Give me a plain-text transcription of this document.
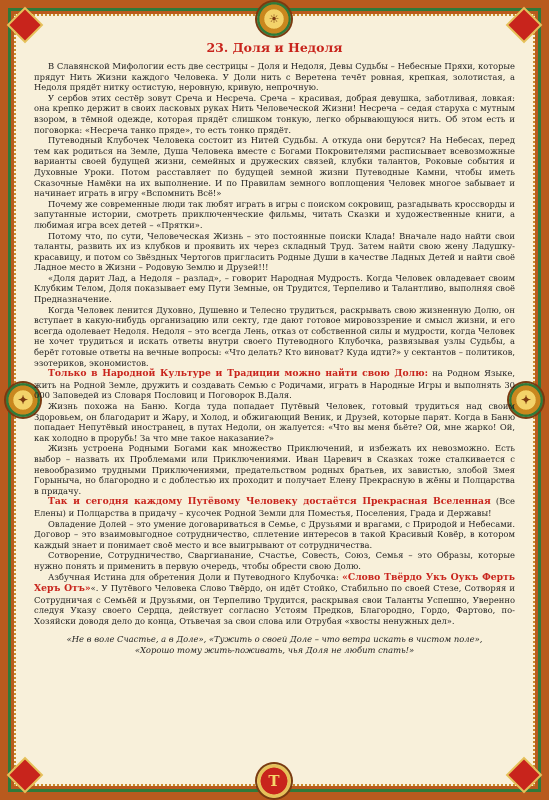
☀
✦	✦
Т
23. Доля и Недоля

В Славянской Мифологии есть две сестрицы – Доля и Недоля, Девы Судьбы – Небесные Пряхи, которые прядут Нить Жизни каждого Человека. У Доли нить с Веретена течёт ровная, крепкая, золотистая, а Недоля прядёт нитку остистую, неровную, кривую, непрочную.

У сербов этих сестёр зовут Среча и Несреча. Среча – красивая, добрая девушка, заботливая, ловкая: она крепко держит в своих ласковых руках Нить Человеческой Жизни! Несреча – седая старуха с мутным взором, в тёмной одежде, которая прядёт слишком тонкую, легко обрывающуюся нить. Об этом есть и поговорка: «Несреча танко пряде», то есть тонко прядёт.

Путеводный Клубочек Человека состоит из Нитей Судьбы. А откуда они берутся? На Небесах, перед тем как родиться на Земле, Душа Человека вместе с Богами Покровителями расписывает всевозможные варианты своей будущей жизни, семейных и дружеских связей, клубки талантов, Роковые события и Духовные Уроки. Потом расставляет по будущей земной жизни Путеводные Камни, чтобы иметь Сказочные Намёки на их выполнение. И по Правилам земного воплощения Человек многое забывает и начинает играть в игру «Вспомнить Всё!»

Почему же современные люди так любят играть в игры с поиском сокровищ, разгадывать кроссворды и запутанные истории, смотреть приключенческие фильмы, читать Сказки и художественные книги, а любимая игра всех детей – «Прятки».

Потому что, по сути, Человеческая Жизнь – это постоянные поиски Клада! Вначале надо найти свои таланты, развить их из клубков и проявить их через складный Труд. Затем найти свою жену Ладушку-красавицу, и потом со Звёздных Чертогов пригласить Родные Души в качестве Ладных Детей и найти своё Ладное место в Жизни – Родовую Землю и Друзей!!!

«Доля дарит Лад, а Недоля – разлад», – говорит Народная Мудрость. Когда Человек овладевает своим Клубким Телом, Доля показывает ему Пути Земные, он Трудится, Терпеливо и Талантливо, выполняя своё Предназначение.

Когда Человек ленится Духовно, Душевно и Телесно трудиться, раскрывать свою жизненную Долю, он вступает в какую-нибудь организацию или секту, где дают готовое мировоззрение и смысл жизни, и его всегда одолевает Недоля. Недоля – это всегда Лень, отказ от собственной силы и мудрости, когда Человек не хочет трудиться и искать ответы внутри своего Путеводного Клубочка, развязывая узлы Судьбы, а берёт готовые ответы на вечные вопросы: «Что делать? Кто виноват? Куда идти?» у сектантов – политиков, эзотериков, экономистов.

Только в Народной Культуре и Традиции можно найти свою Долю: на Родном Языке, жить на Родной Земле, дружить и создавать Семью с Родичами, играть в Народные Игры и выполнять 30 000 Заповедей из Словаря Пословиц и Поговорок В.Даля.

Жизнь похожа на Баню. Когда туда попадает Путёвый Человек, готовый трудиться над своим Здоровьем, он благодарит и Жару, и Холод, и обжигающий Веник, и Друзей, которые парят. Когда в Баню попадает Непутёвый иностранец, в путах Недоли, он жалуется: «Что вы меня бьёте? Ой, мне жарко! Ой, как холодно в прорубь! За что мне такое наказание?»

Жизнь устроена Родными Богами как множество Приключений, и избежать их невозможно. Есть выбор – назвать их Проблемами или Приключениями. Иван Царевич в Сказках тоже сталкивается с невообразимо трудными Приключениями, предательством родных братьев, их завистью, злобой Змея Горыныча, но благородно и с доблестью их проходит и получает Елену Прекрасную в жёны и Полцарства в придачу.

Так и сегодня каждому Путёвому Человеку достаётся Прекрасная Вселенная (Все Елены) и Полцарства в придачу – кусочек Родной Земли для Поместья, Поселения, Града и Державы!

Овладение Долей – это умение договариваться в Семье, с Друзьями и врагами, с Природой и Небесами. Договор – это взаимовыгодное сотрудничество, сплетение интересов в такой Красивый Ковёр, в котором каждый знает и понимает своё место и все выигрывают от сотрудничества.

Сотворение, Сотрудничество, Сваргианание, Счастье, Совесть, Союз, Семья – это Образы, которые нужно понять и применить в первую очередь, чтобы обрести свою Долю.

Азбучная Истина для обретения Доли и Путеводного Клубочка: «Слово Твёрдо Укъ Оукъ Ферть Херъ Отъ»«. У Путёвого Человека Слово Твёрдо, он идёт Стойко, Стабильно по своей Стезе, Сотворяя и Сотрудничая с Семьёй и Друзьями, он Терпеливо Трудится, раскрывая свои Таланты Успешно, Уверенно следуя Указу своего Сердца, действует согласно Устоям Предков, Благородно, Гордо, Фартово, по-Хозяйски доводя дело до конца, Отьвечая за свои слова или Отрубая «хвосты ненужных дел».

«Не в воле Счастье, а в Доле», «Тужить о своей Доле – что ветра искать в чистом поле»,
«Хорошо тому жить-поживать, чья Доля не любит спать!»
